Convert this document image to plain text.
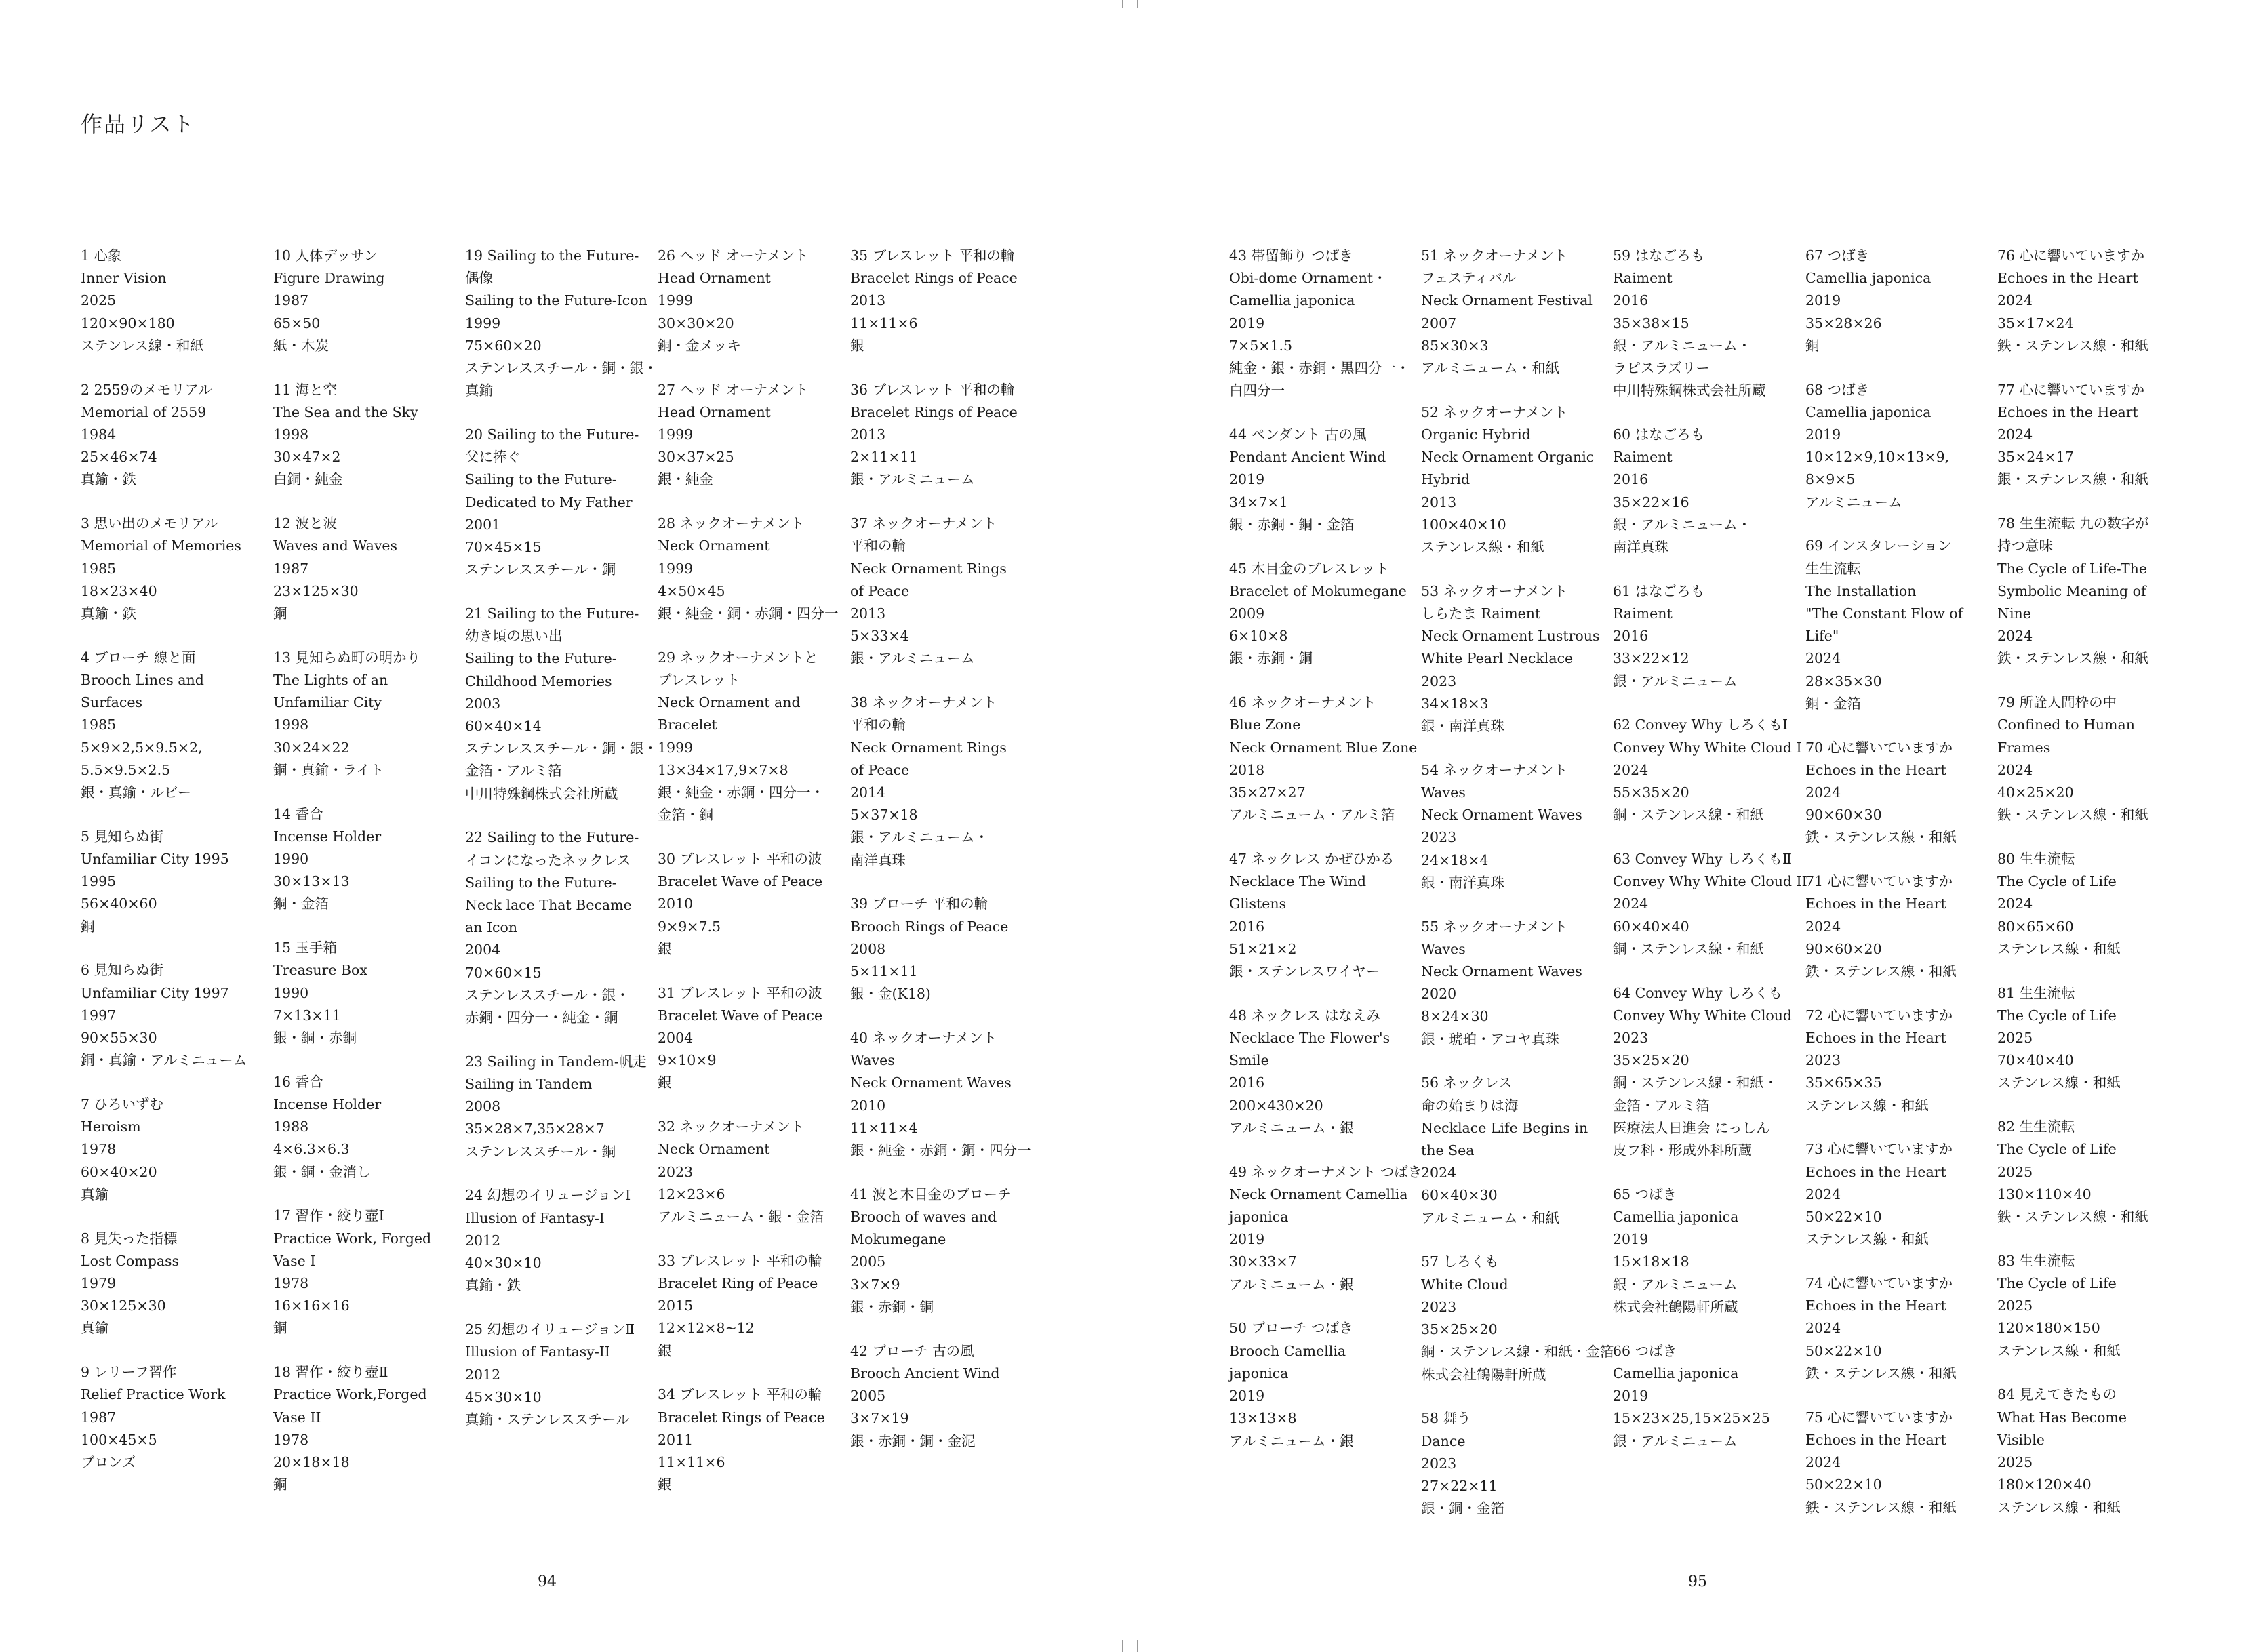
作品リスト
1 心象
Inner Vision
2025
120×90×180
ステンレス線・和紙
2 2559のメモリアル
Memorial of 2559
1984
25×46×74
真鍮・鉄
3 思い出のメモリアル
Memorial of Memories
1985
18×23×40
真鍮・鉄
4 ブローチ 線と面
Brooch Lines and
Surfaces
1985
5×9×2,5×9.5×2,
5.5×9.5×2.5
銀・真鍮・ルビー
5 見知らぬ街
Unfamiliar City 1995
1995
56×40×60
銅
6 見知らぬ街
Unfamiliar City 1997
1997
90×55×30
銅・真鍮・アルミニューム
7 ひろいずむ
Heroism
1978
60×40×20
真鍮
8 見失った指標
Lost Compass
1979
30×125×30
真鍮
9 レリーフ習作
Relief Practice Work
1987
100×45×5
ブロンズ
10 人体デッサン
Figure Drawing
1987
65×50
紙・木炭
11 海と空
The Sea and the Sky
1998
30×47×2
白銅・純金
12 波と波
Waves and Waves
1987
23×125×30
銅
13 見知らぬ町の明かり
The Lights of an
Unfamiliar City
1998
30×24×22
銅・真鍮・ライト
14 香合
Incense Holder
1990
30×13×13
銅・金箔
15 玉手箱
Treasure Box
1990
7×13×11
銀・銅・赤銅
16 香合
Incense Holder
1988
4×6.3×6.3
銀・銅・金消し
17 習作・絞り壺Ⅰ
Practice Work, Forged
Vase I
1978
16×16×16
銅
18 習作・絞り壺Ⅱ
Practice Work,Forged
Vase II
1978
20×18×18
銅
19 Sailing to the Future-
偶像
Sailing to the Future-Icon
1999
75×60×20
ステンレススチール・銅・銀・
真鍮
20 Sailing to the Future-
父に捧ぐ
Sailing to the Future-
Dedicated to My Father
2001
70×45×15
ステンレススチール・銅
21 Sailing to the Future-
幼き頃の思い出
Sailing to the Future-
Childhood Memories
2003
60×40×14
ステンレススチール・銅・銀・
金箔・アルミ箔
中川特殊鋼株式会社所蔵
22 Sailing to the Future-
イコンになったネックレス
Sailing to the Future-
Neck lace That Became
an Icon
2004
70×60×15
ステンレススチール・銀・
赤銅・四分一・純金・銅
23 Sailing in Tandem-帆走
Sailing in Tandem
2008
35×28×7,35×28×7
ステンレススチール・銅
24 幻想のイリュージョンⅠ
Illusion of Fantasy-I
2012
40×30×10
真鍮・鉄
25 幻想のイリュージョンⅡ
Illusion of Fantasy-II
2012
45×30×10
真鍮・ステンレススチール
26 ヘッド オーナメント
Head Ornament
1999
30×30×20
銅・金メッキ
27 ヘッド オーナメント
Head Ornament
1999
30×37×25
銀・純金
28 ネックオーナメント
Neck Ornament
1999
4×50×45
銀・純金・銅・赤銅・四分一
29 ネックオーナメントと
ブレスレット
Neck Ornament and
Bracelet
1999
13×34×17,9×7×8
銀・純金・赤銅・四分一・
金箔・銅
30 ブレスレット 平和の波
Bracelet Wave of Peace
2010
9×9×7.5
銀
31 ブレスレット 平和の波
Bracelet Wave of Peace
2004
9×10×9
銀
32 ネックオーナメント
Neck Ornament
2023
12×23×6
アルミニューム・銀・金箔
33 ブレスレット 平和の輪
Bracelet Ring of Peace
2015
12×12×8~12
銀
34 ブレスレット 平和の輪
Bracelet Rings of Peace
2011
11×11×6
銀
35 ブレスレット 平和の輪
Bracelet Rings of Peace
2013
11×11×6
銀
36 ブレスレット 平和の輪
Bracelet Rings of Peace
2013
2×11×11
銀・アルミニューム
37 ネックオーナメント
平和の輪
Neck Ornament Rings
of Peace
2013
5×33×4
銀・アルミニューム
38 ネックオーナメント
平和の輪
Neck Ornament Rings
of Peace
2014
5×37×18
銀・アルミニューム・
南洋真珠
39 ブローチ 平和の輪
Brooch Rings of Peace
2008
5×11×11
銀・金(K18)
40 ネックオーナメント
Waves
Neck Ornament Waves
2010
11×11×4
銀・純金・赤銅・銅・四分一
41 波と木目金のブローチ
Brooch of waves and
Mokumegane
2005
3×7×9
銀・赤銅・銅
42 ブローチ 古の風
Brooch Ancient Wind
2005
3×7×19
銀・赤銅・銅・金泥
94
43 帯留飾り つばき
Obi-dome Ornament・
Camellia japonica
2019
7×5×1.5
純金・銀・赤銅・黒四分一・
白四分一
44 ペンダント 古の風
Pendant Ancient Wind
2019
34×7×1
銀・赤銅・銅・金箔
45 木目金のブレスレット
Bracelet of Mokumegane
2009
6×10×8
銀・赤銅・銅
46 ネックオーナメント
Blue Zone
Neck Ornament Blue Zone
2018
35×27×27
アルミニューム・アルミ箔
47 ネックレス かぜひかる
Necklace The Wind
Glistens
2016
51×21×2
銀・ステンレスワイヤー
48 ネックレス はなえみ
Necklace The Flower's
Smile
2016
200×430×20
アルミニューム・銀
49 ネックオーナメント つばき
Neck Ornament Camellia
japonica
2019
30×33×7
アルミニューム・銀
50 ブローチ つばき
Brooch Camellia
japonica
2019
13×13×8
アルミニューム・銀
51 ネックオーナメント
フェスティバル
Neck Ornament Festival
2007
85×30×3
アルミニューム・和紙
52 ネックオーナメント
Organic Hybrid
Neck Ornament Organic
Hybrid
2013
100×40×10
ステンレス線・和紙
53 ネックオーナメント
しらたま Raiment
Neck Ornament Lustrous
White Pearl Necklace
2023
34×18×3
銀・南洋真珠
54 ネックオーナメント
Waves
Neck Ornament Waves
2023
24×18×4
銀・南洋真珠
55 ネックオーナメント
Waves
Neck Ornament Waves
2020
8×24×30
銀・琥珀・アコヤ真珠
56 ネックレス
命の始まりは海
Necklace Life Begins in
the Sea
2024
60×40×30
アルミニューム・和紙
57 しろくも
White Cloud
2023
35×25×20
銅・ステンレス線・和紙・金箔
株式会社鶴陽軒所蔵
58 舞う
Dance
2023
27×22×11
銀・銅・金箔
59 はなごろも
Raiment
2016
35×38×15
銀・アルミニューム・
ラピスラズリー
中川特殊鋼株式会社所蔵
60 はなごろも
Raiment
2016
35×22×16
銀・アルミニューム・
南洋真珠
61 はなごろも
Raiment
2016
33×22×12
銀・アルミニューム
62 Convey Why しろくもⅠ
Convey Why White Cloud I
2024
55×35×20
銅・ステンレス線・和紙
63 Convey Why しろくもⅡ
Convey Why White Cloud II
2024
60×40×40
銅・ステンレス線・和紙
64 Convey Why しろくも
Convey Why White Cloud
2023
35×25×20
銅・ステンレス線・和紙・
金箔・アルミ箔
医療法人日進会 にっしん
皮フ科・形成外科所蔵
65 つばき
Camellia japonica
2019
15×18×18
銀・アルミニューム
株式会社鶴陽軒所蔵
66 つばき
Camellia japonica
2019
15×23×25,15×25×25
銀・アルミニューム
67 つばき
Camellia japonica
2019
35×28×26
銅
68 つばき
Camellia japonica
2019
10×12×9,10×13×9,
8×9×5
アルミニューム
69 インスタレーション
生生流転
The Installation
"The Constant Flow of
Life"
2024
28×35×30
銅・金箔
70 心に響いていますか
Echoes in the Heart
2024
90×60×30
鉄・ステンレス線・和紙
71 心に響いていますか
Echoes in the Heart
2024
90×60×20
鉄・ステンレス線・和紙
72 心に響いていますか
Echoes in the Heart
2023
35×65×35
ステンレス線・和紙
73 心に響いていますか
Echoes in the Heart
2024
50×22×10
ステンレス線・和紙
74 心に響いていますか
Echoes in the Heart
2024
50×22×10
鉄・ステンレス線・和紙
75 心に響いていますか
Echoes in the Heart
2024
50×22×10
鉄・ステンレス線・和紙
76 心に響いていますか
Echoes in the Heart
2024
35×17×24
鉄・ステンレス線・和紙
77 心に響いていますか
Echoes in the Heart
2024
35×24×17
銀・ステンレス線・和紙
78 生生流転 九の数字が
持つ意味
The Cycle of Life-The
Symbolic Meaning of
Nine
2024
鉄・ステンレス線・和紙
79 所詮人間枠の中
Confined to Human
Frames
2024
40×25×20
鉄・ステンレス線・和紙
80 生生流転
The Cycle of Life
2024
80×65×60
ステンレス線・和紙
81 生生流転
The Cycle of Life
2025
70×40×40
ステンレス線・和紙
82 生生流転
The Cycle of Life
2025
130×110×40
鉄・ステンレス線・和紙
83 生生流転
The Cycle of Life
2025
120×180×150
ステンレス線・和紙
84 見えてきたもの
What Has Become
Visible
2025
180×120×40
ステンレス線・和紙
95
